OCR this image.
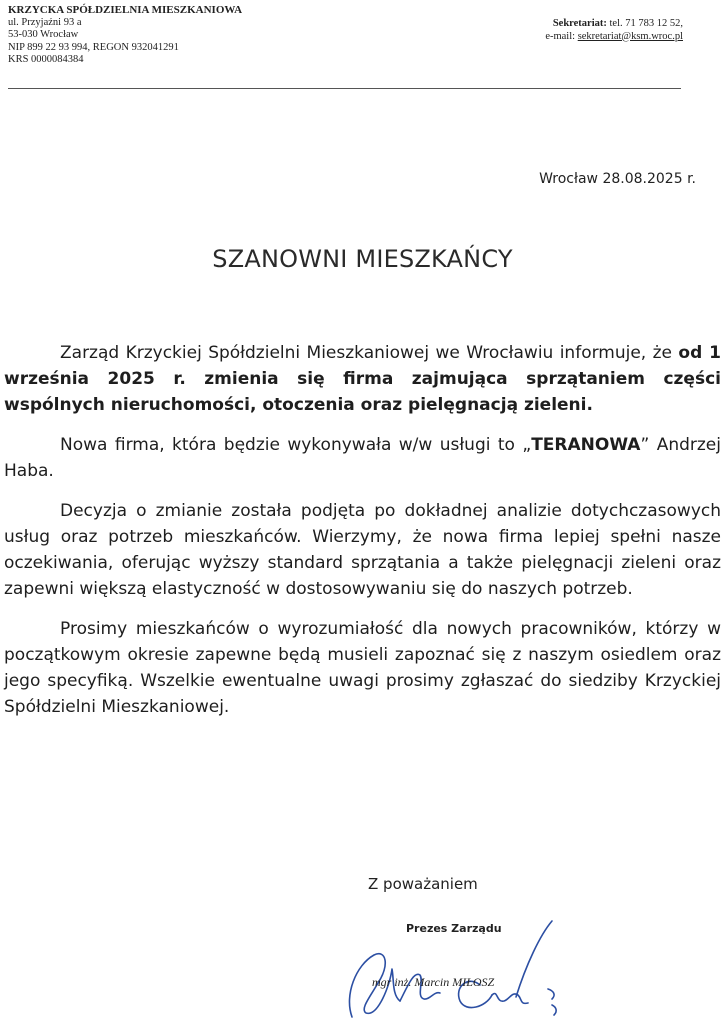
KRZYCKA SPÓŁDZIELNIA MIESZKANIOWA
ul. Przyjaźni 93 a
53-030 Wrocław
NIP 899 22 93 994, REGON 932041291
KRS 0000084384
Sekretariat: tel. 71 783 12 52,
e-mail: sekretariat@ksm.wroc.pl
Wrocław 28.08.2025 r.
SZANOWNI MIESZKAŃCY

Zarząd Krzyckiej Spółdzielni Mieszkaniowej we Wrocławiu informuje, że od 1 września 2025 r. zmienia się firma zajmująca sprzątaniem części wspólnych nieruchomości, otoczenia oraz pielęgnacją zieleni.

Nowa firma, która będzie wykonywała w/w usługi to „TERANOWA” Andrzej Haba.

Decyzja o zmianie została podjęta po dokładnej analizie dotychczasowych usług oraz potrzeb mieszkańców. Wierzymy, że nowa firma lepiej spełni nasze oczekiwania, oferując wyższy standard sprzątania a także pielęgnacji zieleni oraz zapewni większą elastyczność w dostosowywaniu się do naszych potrzeb.

Prosimy mieszkańców o wyrozumiałość dla nowych pracowników, którzy w początkowym okresie zapewne będą musieli zapoznać się z naszym osiedlem oraz jego specyfiką. Wszelkie ewentualne uwagi prosimy zgłaszać do siedziby Krzyckiej Spółdzielni Mieszkaniowej.

Z poważaniem
Prezes Zarządu
mgr inż. Marcin MIŁOSZ
